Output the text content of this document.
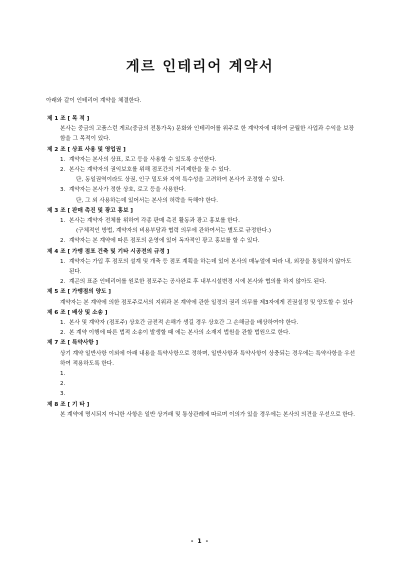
게르 인테리어 계약서
아래와 같이 인테리어 계약을 체결한다.
제 1 조 [ 목 적 ]
본사는 중금의 고품스런 게르(중금의 전통가옥) 문화와 인테리어를 위주로 한 계약자에 대하여 굳월한 사업과 수익을 보장함을 그 목적이 있다.
제 2 조 [ 상표 사용 및 영업권 ]
1. 계약자는 본사의 상표, 로고 등을 사용할 수 있도록 승인한다.
2. 본사는 계약자의 권익보호를 위해 점포간의 거리제한을 둘 수 있다.
단, 동일권역이라도 상권, 인구 밀도와 지역 특수성을 고려하여 본사가 조정할 수 있다.
3. 계약자는 본사가 정한 상호, 로고 등을 사용한다.
단, 그 외 사용하는데 있어서는 본사의 허락을 득해야 한다.
제 3 조 [ 판매 촉진 및 광고 홍보 ]
1. 본사는 계약자 전체를 위하여 각종 판매 촉진 활동과 광고 홍보를 한다.
(구체적인 방법, 계약자의 비용부담과 협력 의무에 관하여서는 별도로 규정한다.)
2. 계약자는 본 계약에 따른 점포의 운영에 있어 독자적인 광고 홍보를 할 수 있다.
제 4 조 [ 가맹 점포 건축 및 기타 시공전의 규정 ]
1. 계약자는 가입 후 점포의 설계 및 개축 등 점포 계획을 하는데 있어 본사의 매뉴얼에 따라 내, 외장을 통일하지 않아도 된다.
2. 계곤의 표준 인테리어를 원로한 점포주는 공사완료 후 내부시설변경 시에 본사와 협의를 하지 않아도 된다.
제 5 조 [ 가맹점의 양도 ]
계약자는 본 계약에 의한 점포주로서의 지위과 본 계약에 관한 일정의 권리 의무를 제3자에게 진권설정 및 양도할 수 있다
제 6 조 [ 배상 및 소송 ]
1. 본사 및 계약자 (점포주) 상호간 금전적 손해가 생길 경우 상호간 그 손해금을 배상하여야 한다.
2. 본 계약 이행에 따른 법적 소송이 발생할 때 에는 본사의 소재지 법원을 관할 법원으로 한다.
제 7 조 [ 특약사항 ]
상기 계약 일반사항 이외에 아래 내용을 특약사항으로 정하며, 일반사항과 특약사항이 상충되는 경우에는 특약사항을 우선하여 적용하도록 한다.
1.
2.
3.
제 8 조 [ 기 타 ]
본 계약에 명시되지 아니한 사항은 일반 상거래 및 통상관례에 따르며 이의가 있을 경우에는 본사의 의견을 우선으로 한다.
- 1 -
